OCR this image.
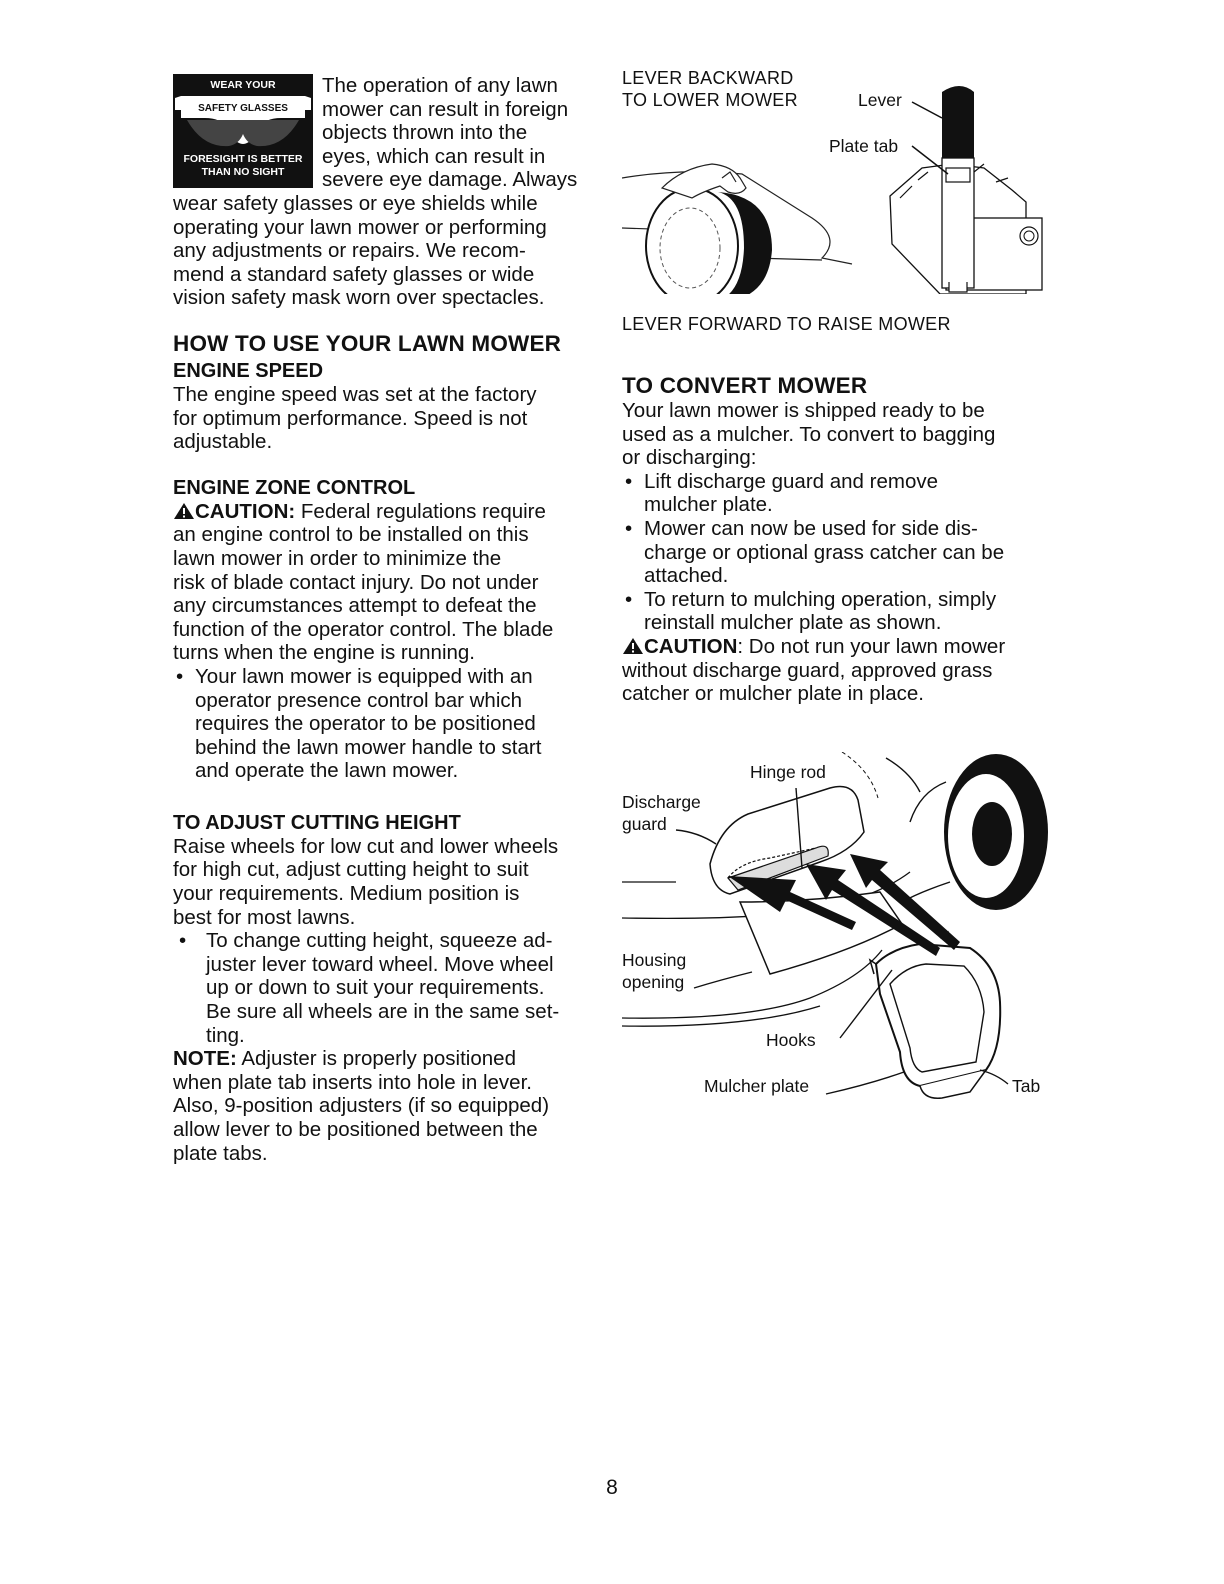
WEAR YOUR
SAFETY GLASSES
FORESIGHT IS BETTER
THAN NO SIGHT
The operation of any lawn
mower can result in foreign
objects thrown into the
eyes, which can result in
severe eye damage. Always
wear safety glasses or eye shields while
operating your lawn mower or performing
any adjustments or repairs. We recom-
mend a standard safety glasses or wide
vision safety mask worn over spectacles.
HOW TO USE YOUR LAWN MOWER
ENGINE SPEED
The engine speed was set at the factory
for optimum performance. Speed is not
adjustable.
ENGINE ZONE CONTROL
CAUTION: Federal regulations require
an engine control to be installed on this
lawn mower in order to minimize the
risk of blade contact injury. Do not under
any circumstances attempt to defeat the
function of the operator control. The blade
turns when the engine is running.
• Your lawn mower is equipped with an
operator presence control bar which
requires the operator to be positioned
behind the lawn mower handle to start
and operate the lawn mower.
TO ADJUST CUTTING HEIGHT
Raise wheels for low cut and lower wheels
for high cut, adjust cutting height to suit
your requirements. Medium position is
best for most lawns.
• To change cutting height, squeeze ad-
juster lever toward wheel. Move wheel
up or down to suit your requirements.
Be sure all wheels are in the same set-
ting.
NOTE: Adjuster is properly positioned
when plate tab inserts into hole in lever.
Also, 9-position adjusters (if so equipped)
allow lever to be positioned between the
plate tabs.
LEVER BACKWARD
TO LOWER MOWER	Lever
Plate tab
LEVER FORWARD TO RAISE MOWER
TO CONVERT MOWER
Your lawn mower is shipped ready to be
used as a mulcher. To convert to bagging
or discharging:
• Lift discharge guard and remove
mulcher plate.
• Mower can now be used for side dis-
charge or optional grass catcher can be
attached.
• To return to mulching operation, simply
reinstall mulcher plate as shown.
CAUTION: Do not run your lawn mower
without discharge guard, approved grass
catcher or mulcher plate in place.
Hinge rod
Discharge
guard
Housing
opening
Hooks
Mulcher plate	Tab
8
